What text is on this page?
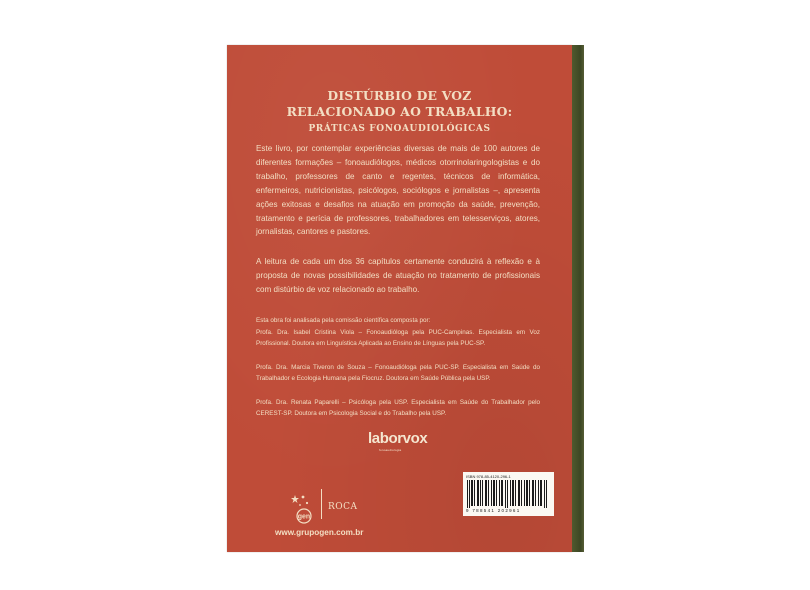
DISTÚRBIO DE VOZ
RELACIONADO AO TRABALHO:
PRÁTICAS FONOAUDIOLÓGICAS
Este livro, por contemplar experiências diversas de mais de 100 autores de diferentes formações – fonoaudiólogos, médicos otorrinolaringologistas e do trabalho, professores de canto e regentes, técnicos de informática, enfermeiros, nutricionistas, psicólogos, sociólogos e jornalistas –, apresenta ações exitosas e desafios na atuação em promoção da saúde, prevenção, tratamento e perícia de professores, trabalhadores em telesserviços, atores, jornalistas, cantores e pastores.
A leitura de cada um dos 36 capítulos certamente conduzirá à reflexão e à proposta de novas possibilidades de atuação no tratamento de profissionais com distúrbio de voz relacionado ao trabalho.
Esta obra foi analisada pela comissão científica composta por:
Profa. Dra. Isabel Cristina Viola – Fonoaudióloga pela PUC-Campinas. Especialista em Voz Profissional. Doutora em Linguística Aplicada ao Ensino de Línguas pela PUC-SP.
Profa. Dra. Marcia Tiveron de Souza – Fonoaudióloga pela PUC-SP. Especialista em Saúde do Trabalhador e Ecologia Humana pela Fiocruz. Doutora em Saúde Pública pela USP.
Profa. Dra. Renata Paparelli – Psicóloga pela USP. Especialista em Saúde do Trabalhador pelo CEREST-SP. Doutora em Psicologia Social e do Trabalho pela USP.
laborvox
fonoaudiologia
ISBN 978-85-4120-296-1
9 788541 202961
gen
ROCA
www.grupogen.com.br
